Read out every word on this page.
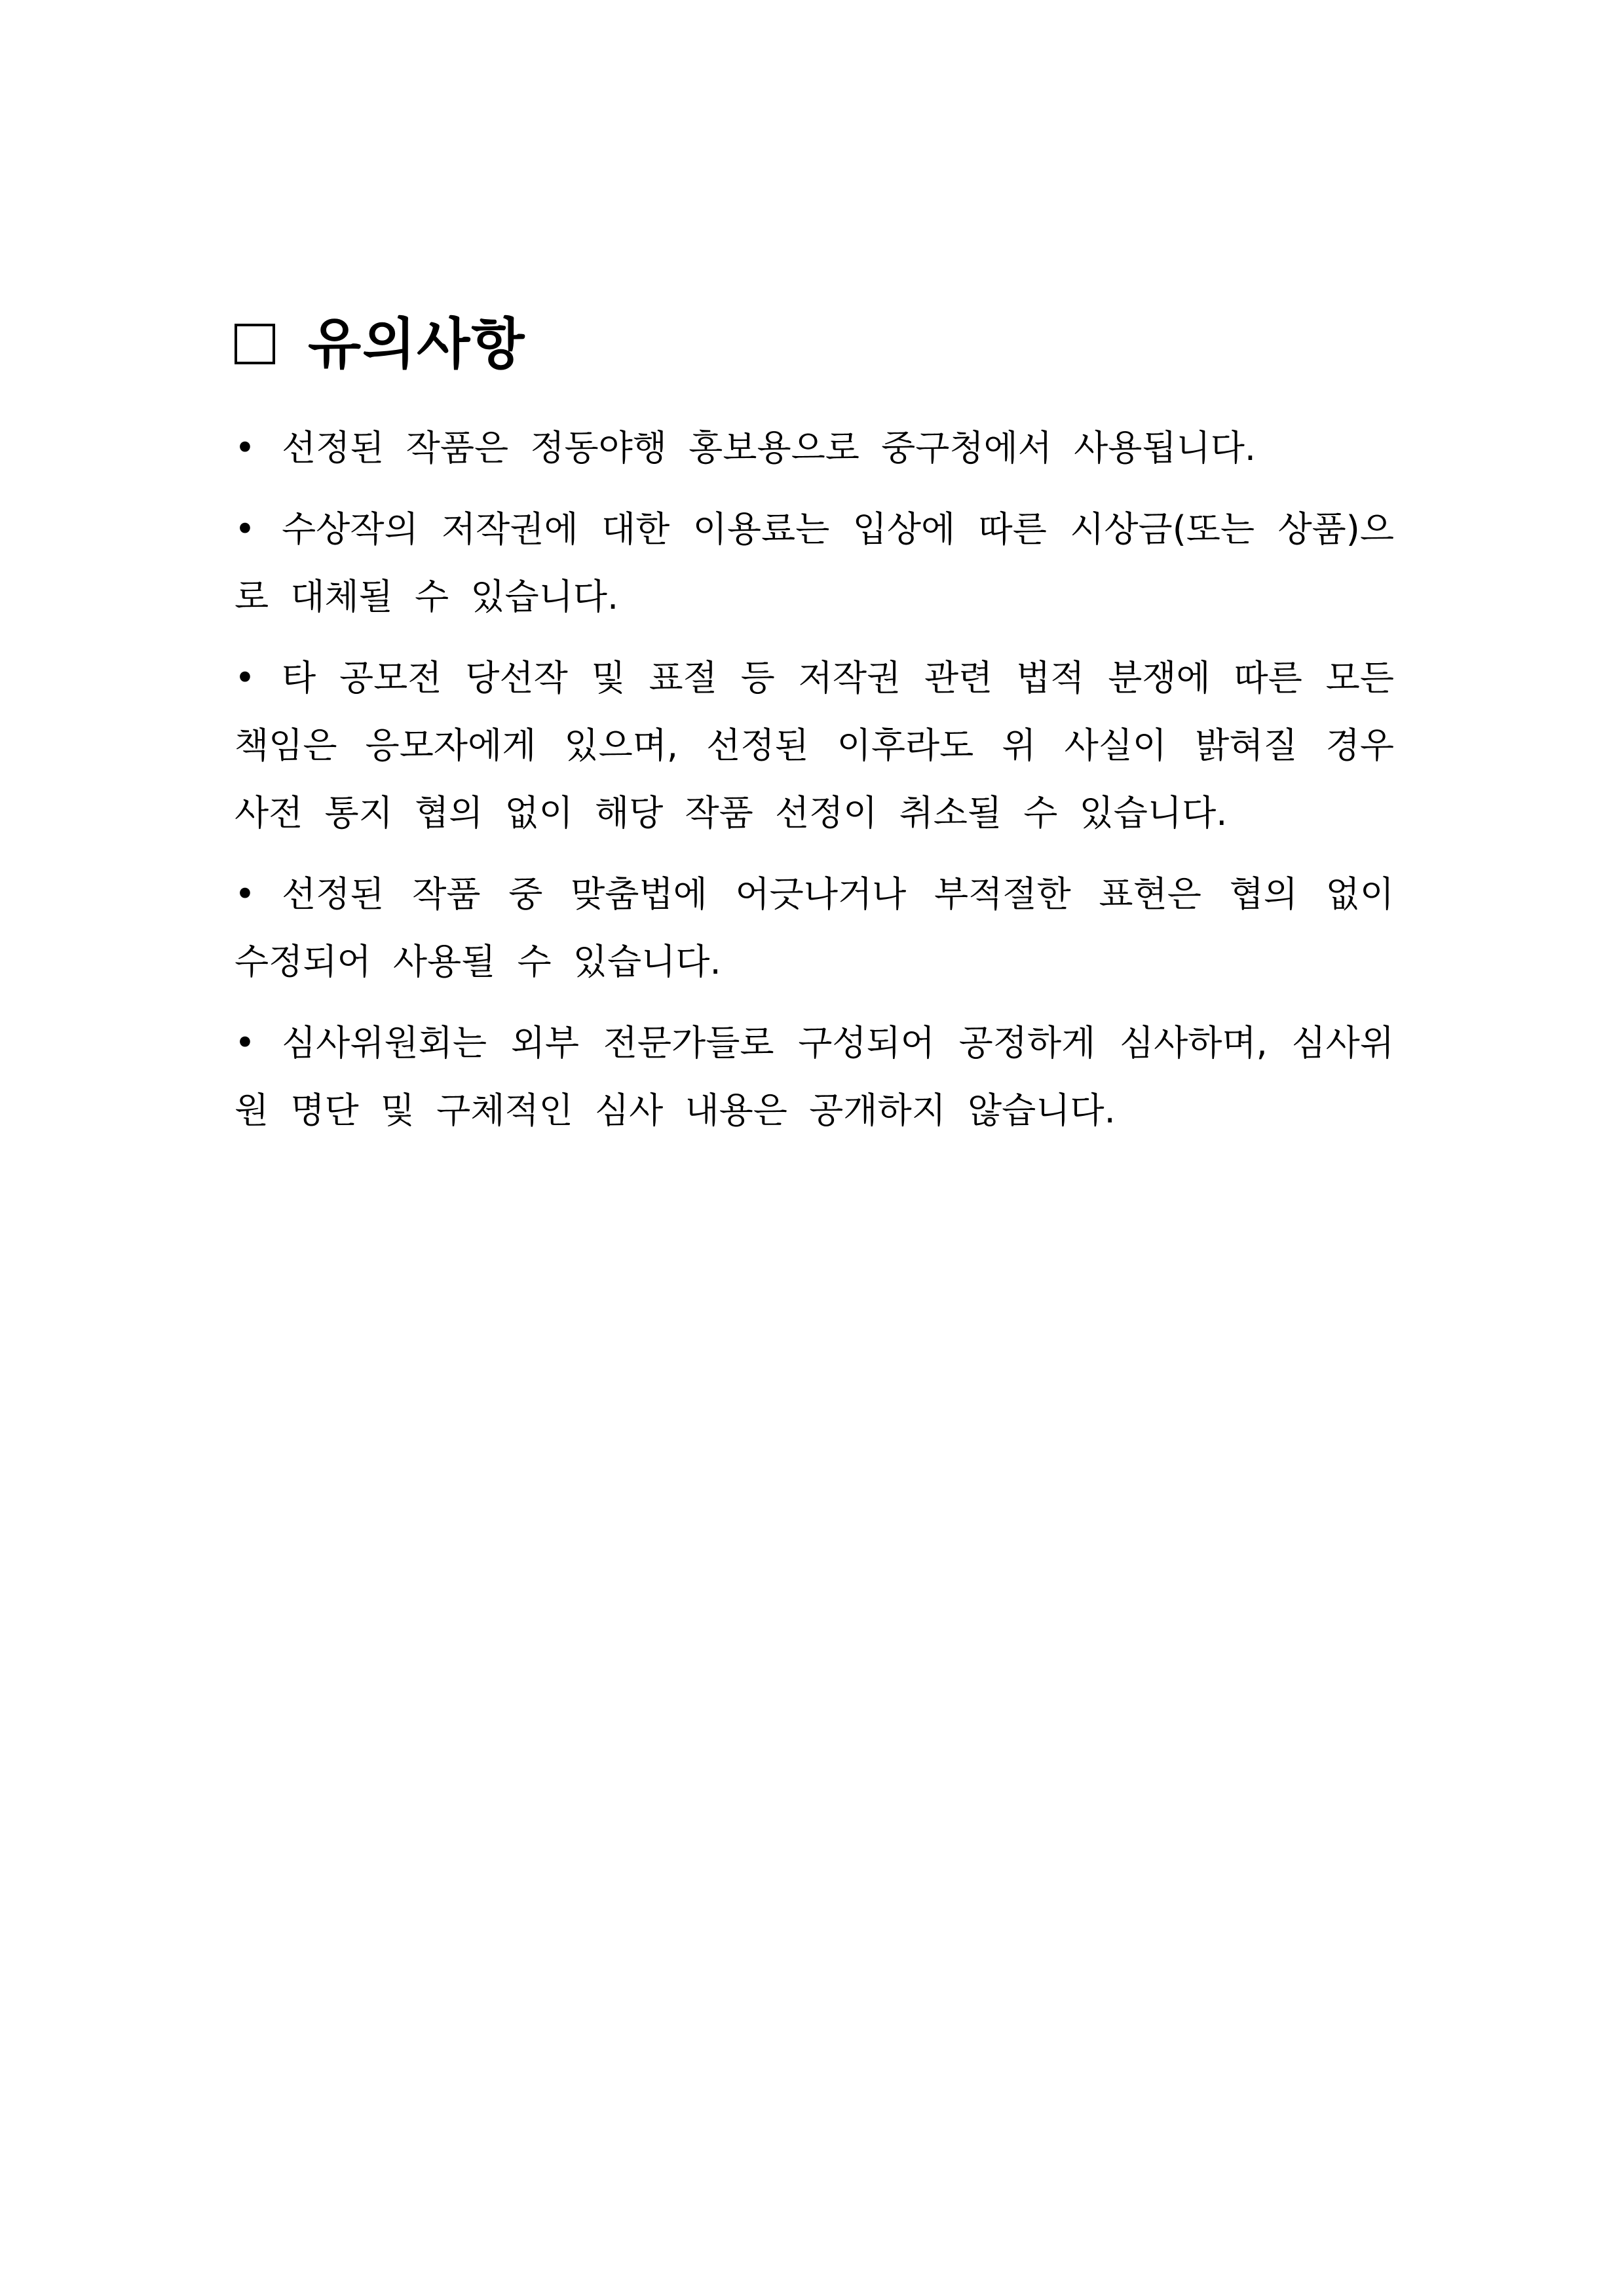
유의사항
• 선정된 작품은 정동야행 홍보용으로 중구청에서 사용됩니다.
• 수상작의 저작권에 대한 이용료는 입상에 따른 시상금(또는 상품)으로 대체될 수 있습니다.
• 타 공모전 당선작 및 표절 등 저작권 관련 법적 분쟁에 따른 모든 책임은 응모자에게 있으며, 선정된 이후라도 위 사실이 밝혀질 경우 사전 통지 협의 없이 해당 작품 선정이 취소될 수 있습니다.
• 선정된 작품 중 맞춤법에 어긋나거나 부적절한 표현은 협의 없이 수정되어 사용될 수 있습니다.
• 심사위원회는 외부 전문가들로 구성되어 공정하게 심사하며, 심사위원 명단 및 구체적인 심사 내용은 공개하지 않습니다.
